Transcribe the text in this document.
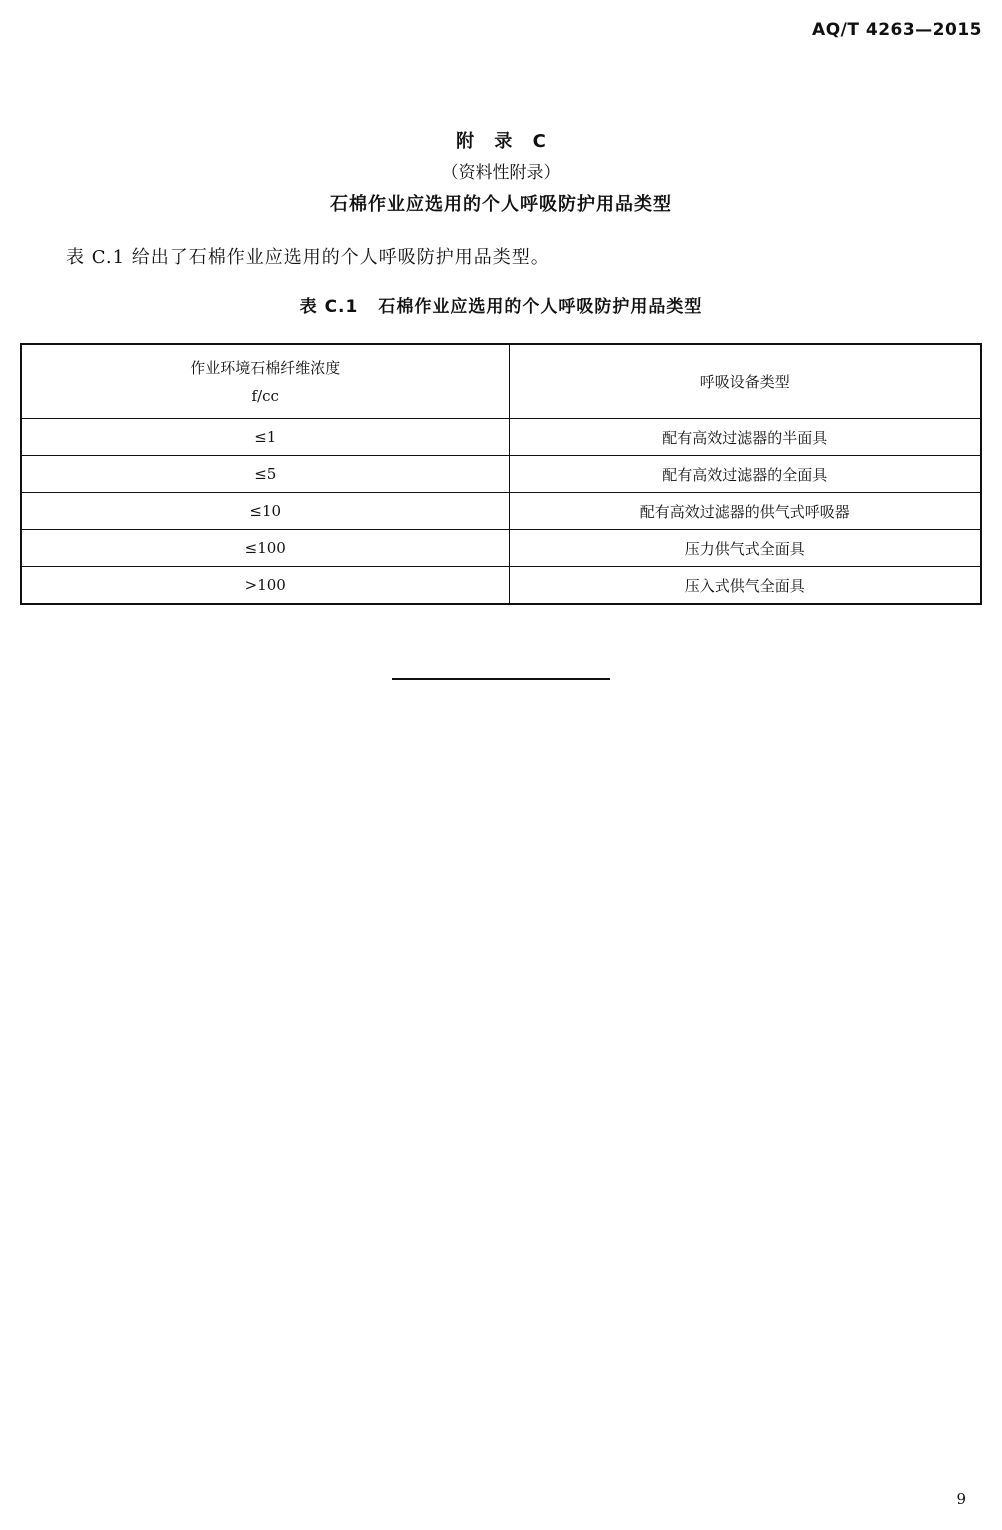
AQ/T 4263—2015
附 录 C
（资料性附录）
石棉作业应选用的个人呼吸防护用品类型
表 C.1 给出了石棉作业应选用的个人呼吸防护用品类型。
表 C.1 石棉作业应选用的个人呼吸防护用品类型
作业环境石棉纤维浓度
f/cc	呼吸设备类型
≤1	配有高效过滤器的半面具
≤5	配有高效过滤器的全面具
≤10	配有高效过滤器的供气式呼吸器
≤100	压力供气式全面具
>100	压入式供气全面具
9
